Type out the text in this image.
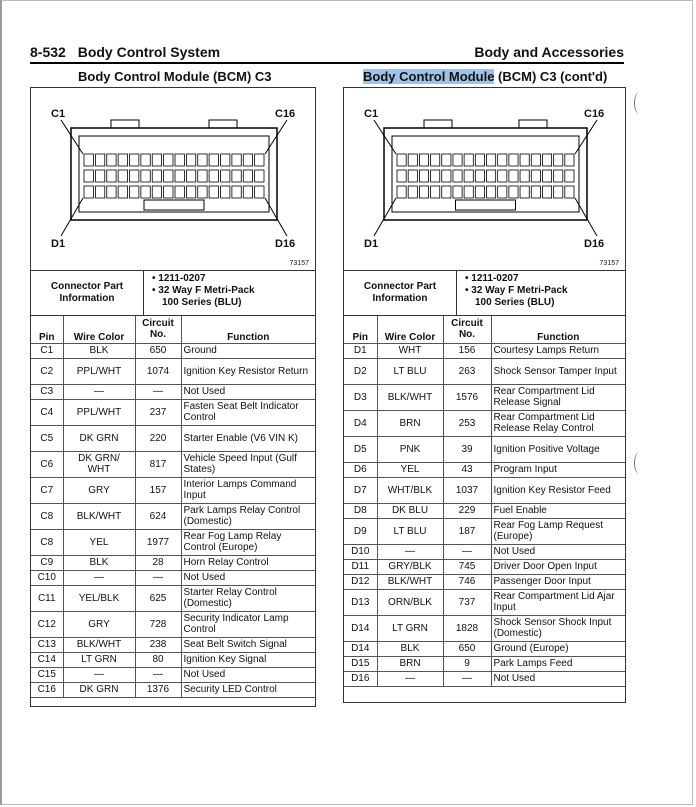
8-532 Body Control System	Body and Accessories
Body Control Module (BCM) C3	Body Control Module (BCM) C3 (cont'd)
C1	C16
D1	D16
73157
Connector Part Information
• 1211-0207
• 32 Way F Metri-Pack
100 Series (BLU)
Pin	Wire Color	Circuit No.	Function
C1	BLK	650	Ground
C2	PPL/WHT	1074	Ignition Key Resistor Return
C3	—	—	Not Used
C4	PPL/WHT	237	Fasten Seat Belt Indicator Control
C5	DK GRN	220	Starter Enable (V6 VIN K)
C6	DK GRN/ WHT	817	Vehicle Speed Input (Gulf States)
C7	GRY	157	Interior Lamps Command Input
C8	BLK/WHT	624	Park Lamps Relay Control (Domestic)
C8	YEL	1977	Rear Fog Lamp Relay Control (Europe)
C9	BLK	28	Horn Relay Control
C10	—	—	Not Used
C11	YEL/BLK	625	Starter Relay Control (Domestic)
C12	GRY	728	Security Indicator Lamp Control
C13	BLK/WHT	238	Seat Belt Switch Signal
C14	LT GRN	80	Ignition Key Signal
C15	—	—	Not Used
C16	DK GRN	1376	Security LED Control
C1	C16
D1	D16
73157
Connector Part Information
• 1211-0207
• 32 Way F Metri-Pack
100 Series (BLU)
Pin	Wire Color	Circuit No.	Function
D1	WHT	156	Courtesy Lamps Return
D2	LT BLU	263	Shock Sensor Tamper Input
D3	BLK/WHT	1576	Rear Compartment Lid Release Signal
D4	BRN	253	Rear Compartment Lid Release Relay Control
D5	PNK	39	Ignition Positive Voltage
D6	YEL	43	Program Input
D7	WHT/BLK	1037	Ignition Key Resistor Feed
D8	DK BLU	229	Fuel Enable
D9	LT BLU	187	Rear Fog Lamp Request (Europe)
D10	—	—	Not Used
D11	GRY/BLK	745	Driver Door Open Input
D12	BLK/WHT	746	Passenger Door Input
D13	ORN/BLK	737	Rear Compartment Lid Ajar Input
D14	LT GRN	1828	Shock Sensor Shock Input (Domestic)
D14	BLK	650	Ground (Europe)
D15	BRN	9	Park Lamps Feed
D16	—	—	Not Used
